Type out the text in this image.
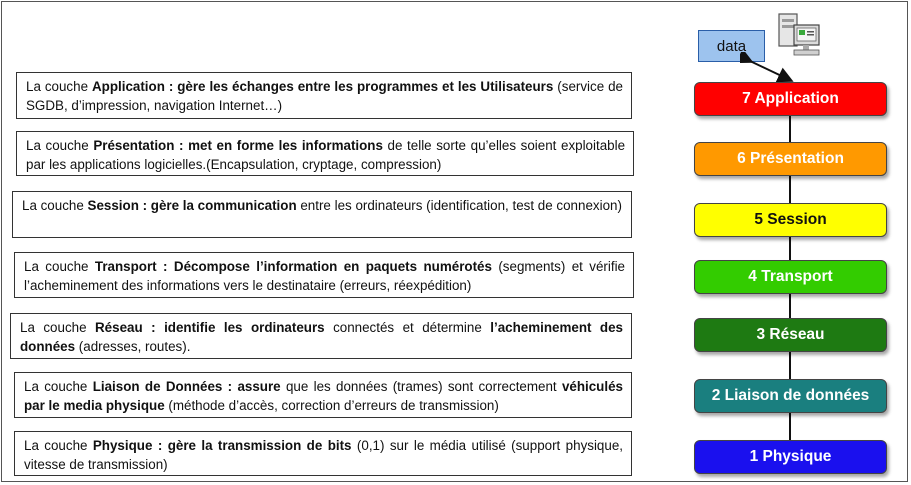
La couche Application : gère les échanges entre les programmes et les Utilisateurs (service de SGDB, d’impression, navigation Internet…)
La couche Présentation : met en forme les informations de telle sorte qu’elles soient exploitable par les applications logicielles.(Encapsulation, cryptage, compression)
La couche Session : gère la communication entre les ordinateurs (identification, test de connexion)
La couche Transport : Décompose l’information en paquets numérotés (segments) et vérifie l’acheminement des informations vers le destinataire (erreurs, réexpédition)
La couche Réseau : identifie les ordinateurs connectés et détermine l’acheminement des données (adresses, routes).
La couche Liaison de Données : assure que les données (trames) sont correctement véhiculés par le media physique (méthode d’accès, correction d’erreurs de transmission)
La couche Physique : gère la transmission de bits (0,1) sur le média utilisé (support physique, vitesse de transmission)
data
7 Application
6 Présentation
5 Session
4 Transport
3 Réseau
2 Liaison de données
1 Physique
